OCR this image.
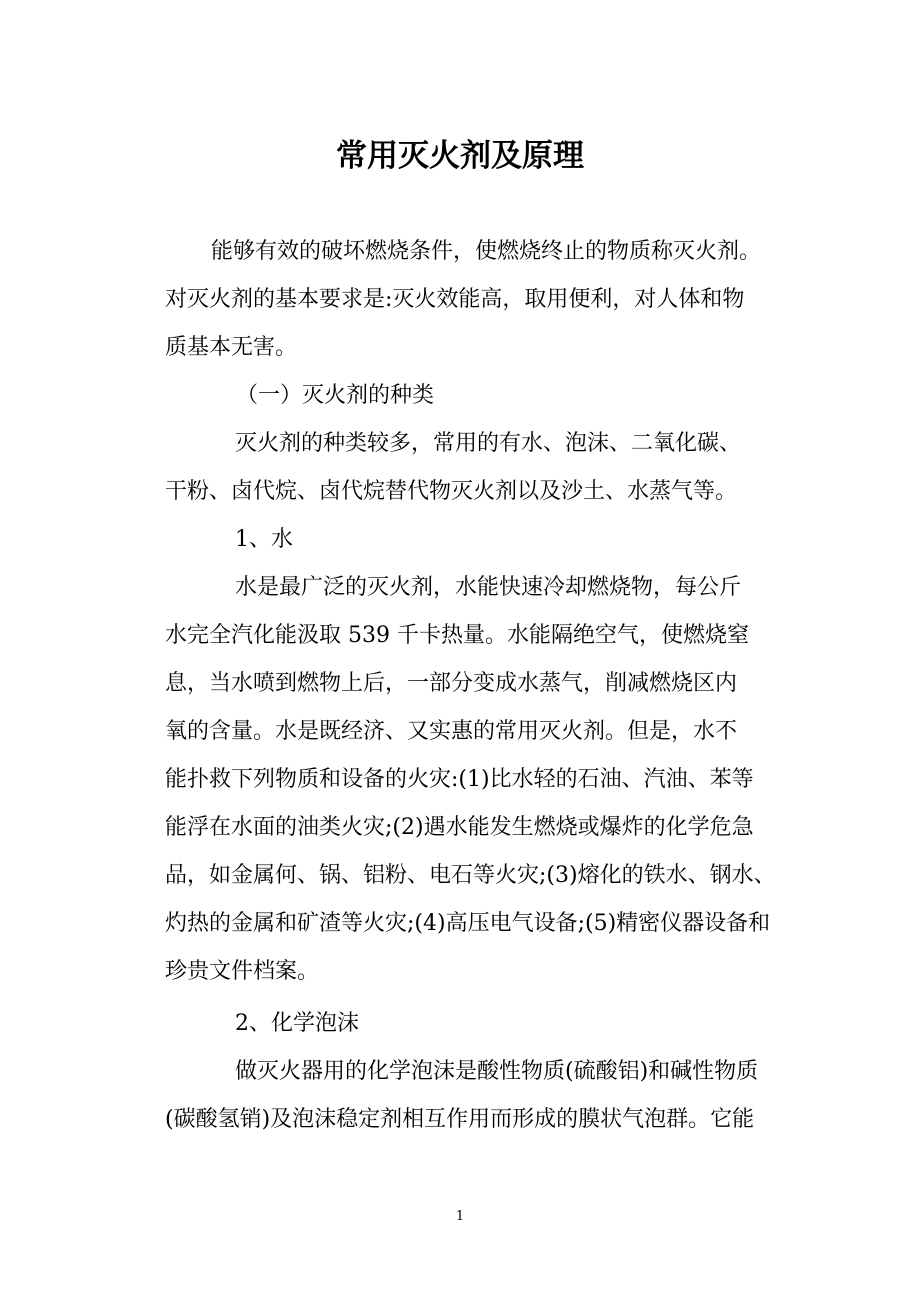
常用灭火剂及原理

能够有效的破坏燃烧条件，使燃烧终止的物质称灭火剂。

对灭火剂的基本要求是:灭火效能高，取用便利，对人体和物

质基本无害。

（一）灭火剂的种类

灭火剂的种类较多，常用的有水、泡沫、二氧化碳、

干粉、卤代烷、卤代烷替代物灭火剂以及沙土、水蒸气等。

1、水

水是最广泛的灭火剂，水能快速冷却燃烧物，每公斤

水完全汽化能汲取 539 千卡热量。水能隔绝空气，使燃烧窒

息，当水喷到燃物上后，一部分变成水蒸气，削减燃烧区内

氧的含量。水是既经济、又实惠的常用灭火剂。但是，水不

能扑救下列物质和设备的火灾:(1)比水轻的石油、汽油、苯等

能浮在水面的油类火灾;(2)遇水能发生燃烧或爆炸的化学危急

品，如金属何、锅、铝粉、电石等火灾;(3)熔化的铁水、钢水、

灼热的金属和矿渣等火灾;(4)高压电气设备;(5)精密仪器设备和

珍贵文件档案。

2、化学泡沫

做灭火器用的化学泡沫是酸性物质(硫酸铝)和碱性物质

(碳酸氢销)及泡沫稳定剂相互作用而形成的膜状气泡群。它能

1
